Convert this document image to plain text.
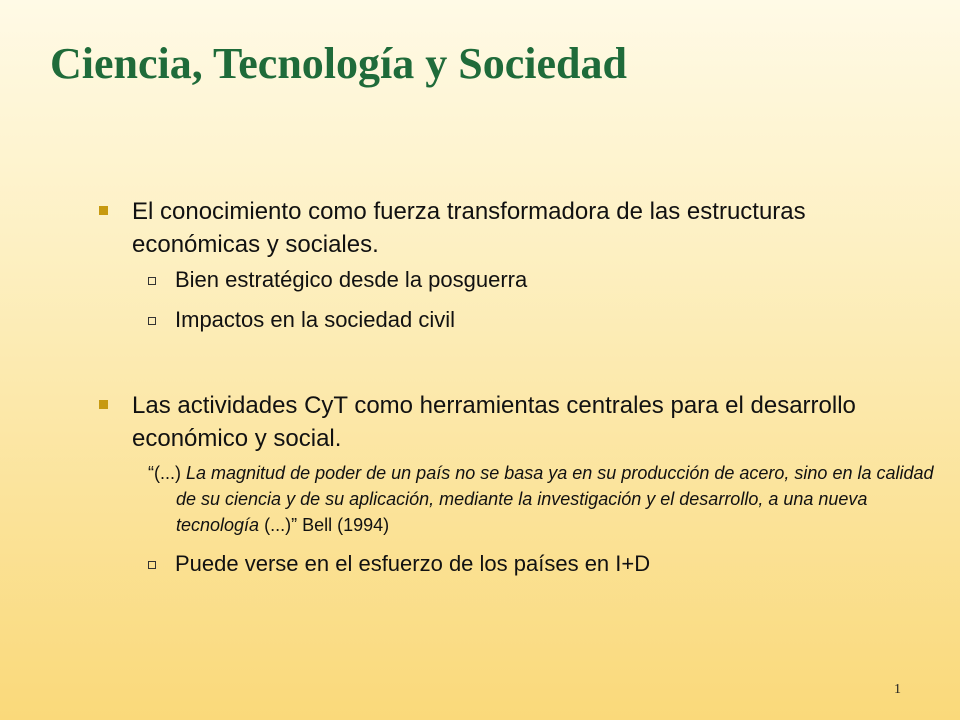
Ciencia, Tecnología y Sociedad
El conocimiento como fuerza transformadora de las estructuras económicas y sociales.
Bien estratégico desde la posguerra
Impactos en la sociedad civil
Las actividades CyT como herramientas centrales para el desarrollo económico y social.
“(...) La magnitud de poder de un país no se basa ya en su producción de acero, sino en la calidad de su ciencia y de su aplicación, mediante la investigación y el desarrollo, a una nueva tecnología (...)” Bell (1994)
Puede verse en el esfuerzo de los países en I+D
1
